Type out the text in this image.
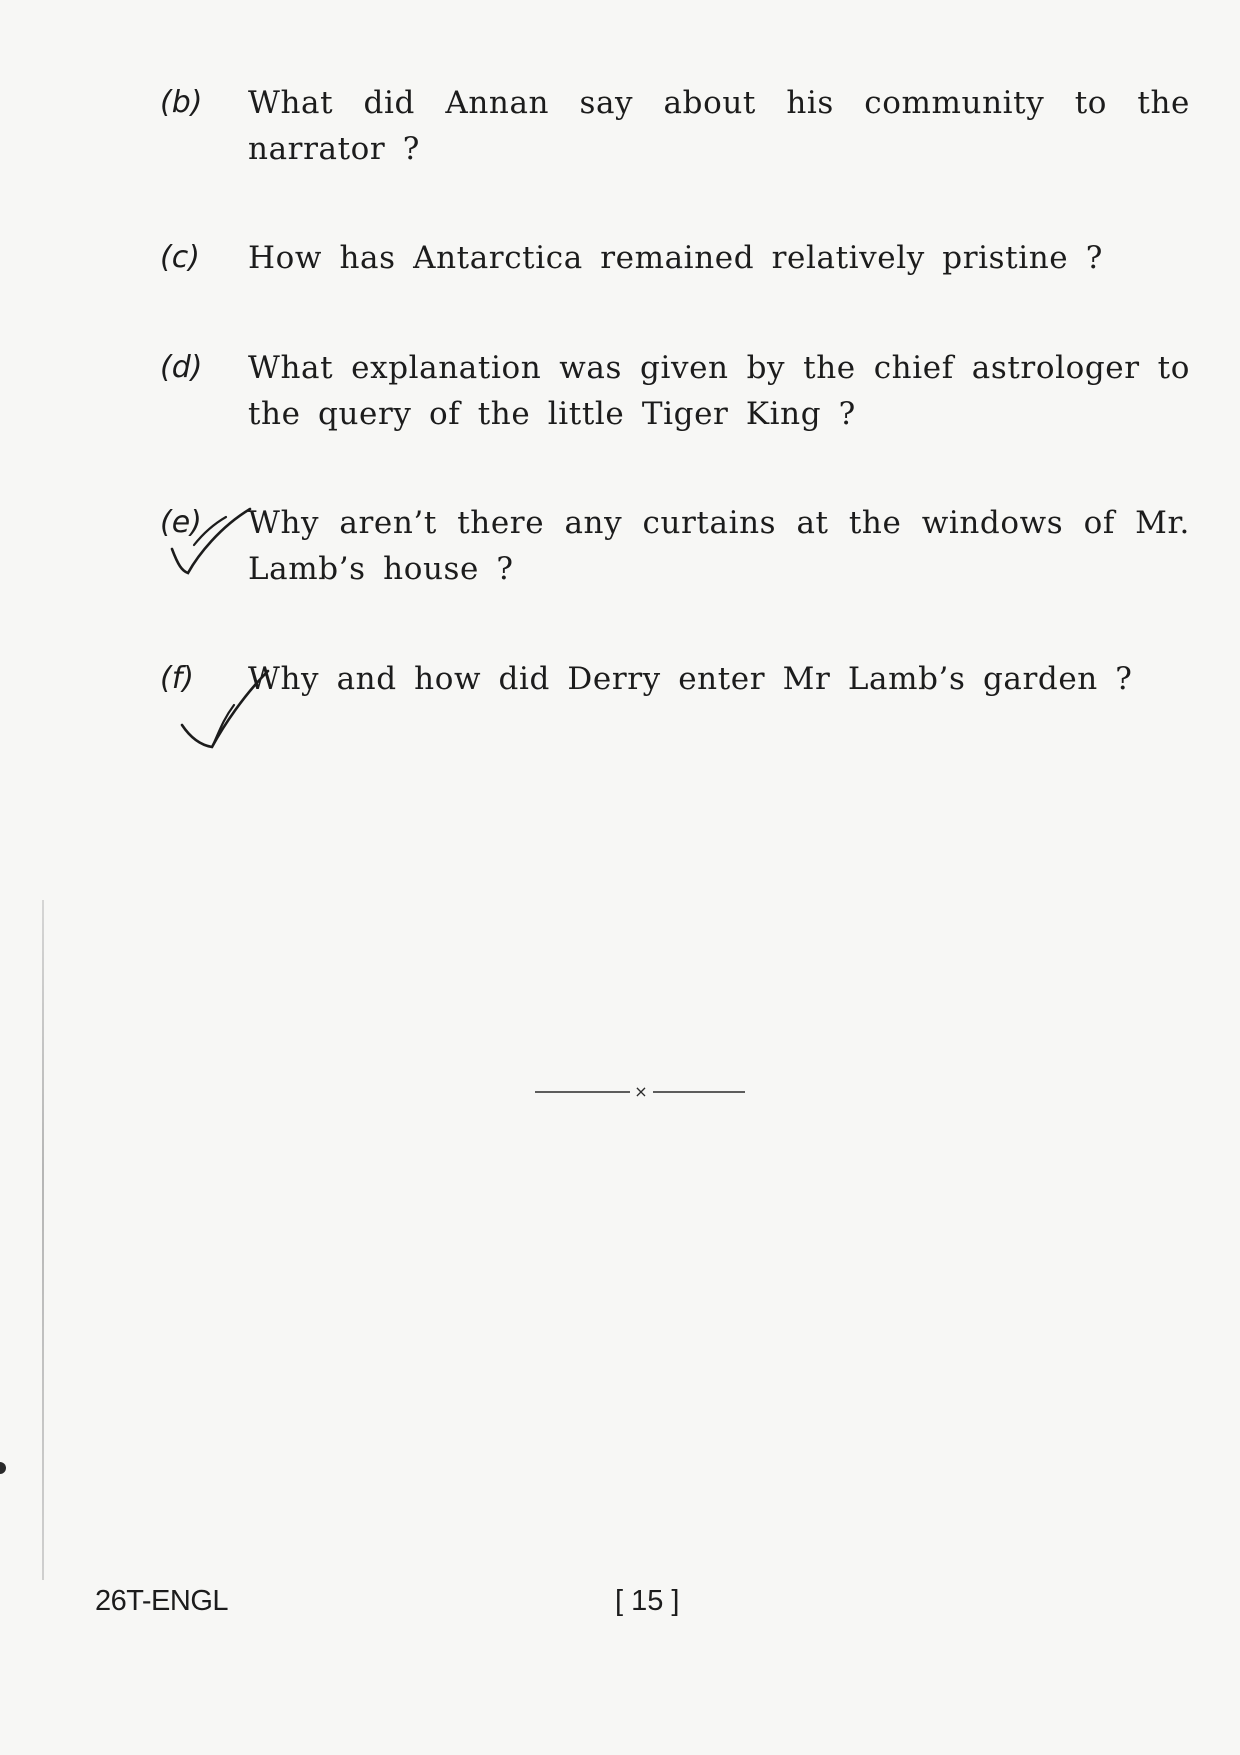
(b)	What did Annan say about his community to the narrator ?
(c)	How has Antarctica remained relatively pristine ?
(d)	What explanation was given by the chief astrologer to the query of the little Tiger King ?
(e)	Why aren’t there any curtains at the windows of Mr. Lamb’s house ?
(f)	Why and how did Derry enter Mr Lamb’s garden ?
×
26T-ENGL	[ 15 ]
